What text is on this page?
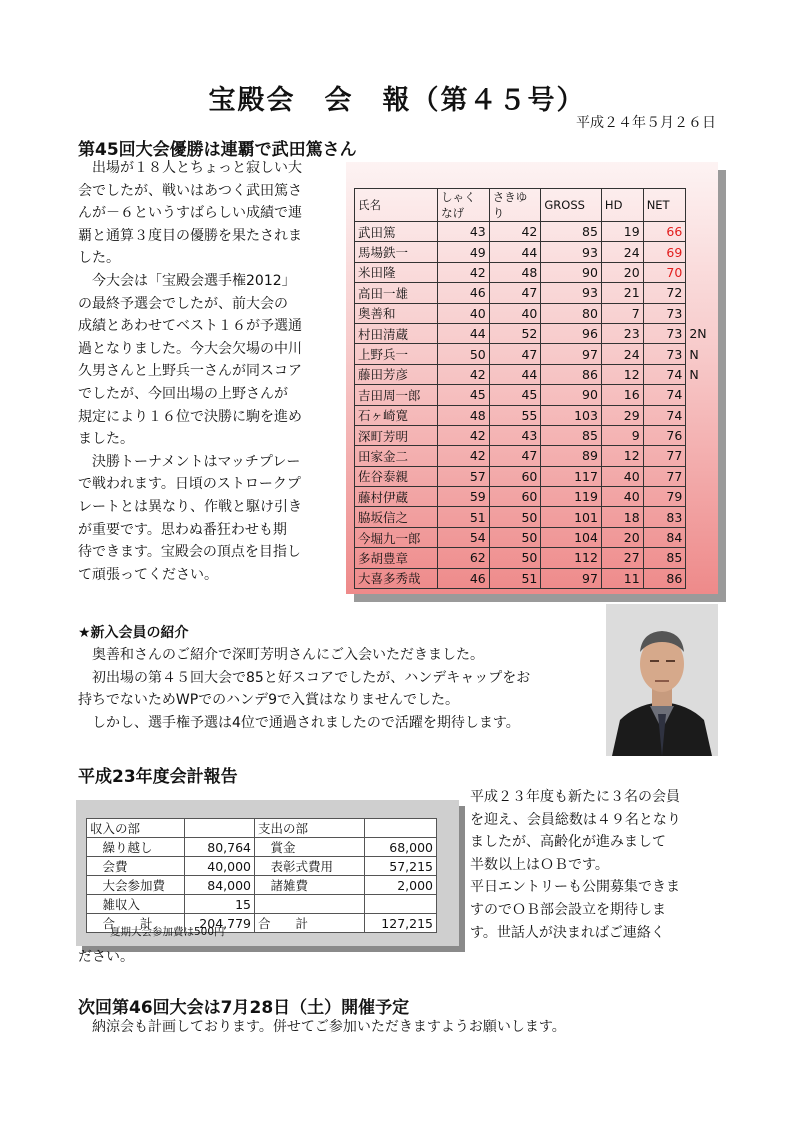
宝殿会　会　報（第４５号）
平成２４年５月２６日
第45回大会優勝は連覇で武田篤さん
　出場が１８人とちょっと寂しい大
会でしたが、戦いはあつく武田篤さ
んが－６というすばらしい成績で連
覇と通算３度目の優勝を果たされま
した。
　今大会は「宝殿会選手権2012」
の最終予選会でしたが、前大会の
成績とあわせてベスト１６が予選通
過となりました。今大会欠場の中川
久男さんと上野兵一さんが同スコア
でしたが、今回出場の上野さんが
規定により１６位で決勝に駒を進め
ました。
　決勝トーナメントはマッチプレー
で戦われます。日頃のストロークプ
レートとは異なり、作戦と駆け引き
が重要です。思わぬ番狂わせも期
待できます。宝殿会の頂点を目指し
て頑張ってください。
氏名	しゃくなげ	さきゆり	GROSS	HD	NET	
武田篤	43	42	85	19	66	
馬場鉄一	49	44	93	24	69	
米田隆	42	48	90	20	70	
高田一雄	46	47	93	21	72	
奥善和	40	40	80	7	73	
村田清蔵	44	52	96	23	73	2N
上野兵一	50	47	97	24	73	N
藤田芳彦	42	44	86	12	74	N
吉田周一郎	45	45	90	16	74	
石ヶ崎寛	48	55	103	29	74	
深町芳明	42	43	85	9	76	
田家金二	42	47	89	12	77	
佐谷泰親	57	60	117	40	77	
藤村伊蔵	59	60	119	40	79	
脇坂信之	51	50	101	18	83	
今堀九一郎	54	50	104	20	84	
多胡豊章	62	50	112	27	85	
大喜多秀哉	46	51	97	11	86	
★新入会員の紹介
　奥善和さんのご紹介で深町芳明さんにご入会いただきました。
　初出場の第４５回大会で85と好スコアでしたが、ハンデキャップをお
持ちでないためWPでのハンデ9で入賞はなりませんでした。
　しかし、選手権予選は4位で通過されましたので活躍を期待します。
平成23年度会計報告
収入の部		支出の部	
　繰り越し	80,764	　賞金	68,000
　会費	40,000	　表彰式費用	57,215
　大会参加費	84,000	　諸雑費	2,000
　雑収入	15		
　合　　計	204,779	合　　計	127,215
夏期大会参加費は500円
平成２３年度も新たに３名の会員
を迎え、会員総数は４９名となり
ましたが、高齢化が進みまして
半数以上はＯＢです。
平日エントリーも公開募集できま
すのでＯＢ部会設立を期待しま
す。世話人が決まればご連絡く
ださい。
次回第46回大会は7月28日（土）開催予定
　納涼会も計画しております。併せてご参加いただきますようお願いします。
